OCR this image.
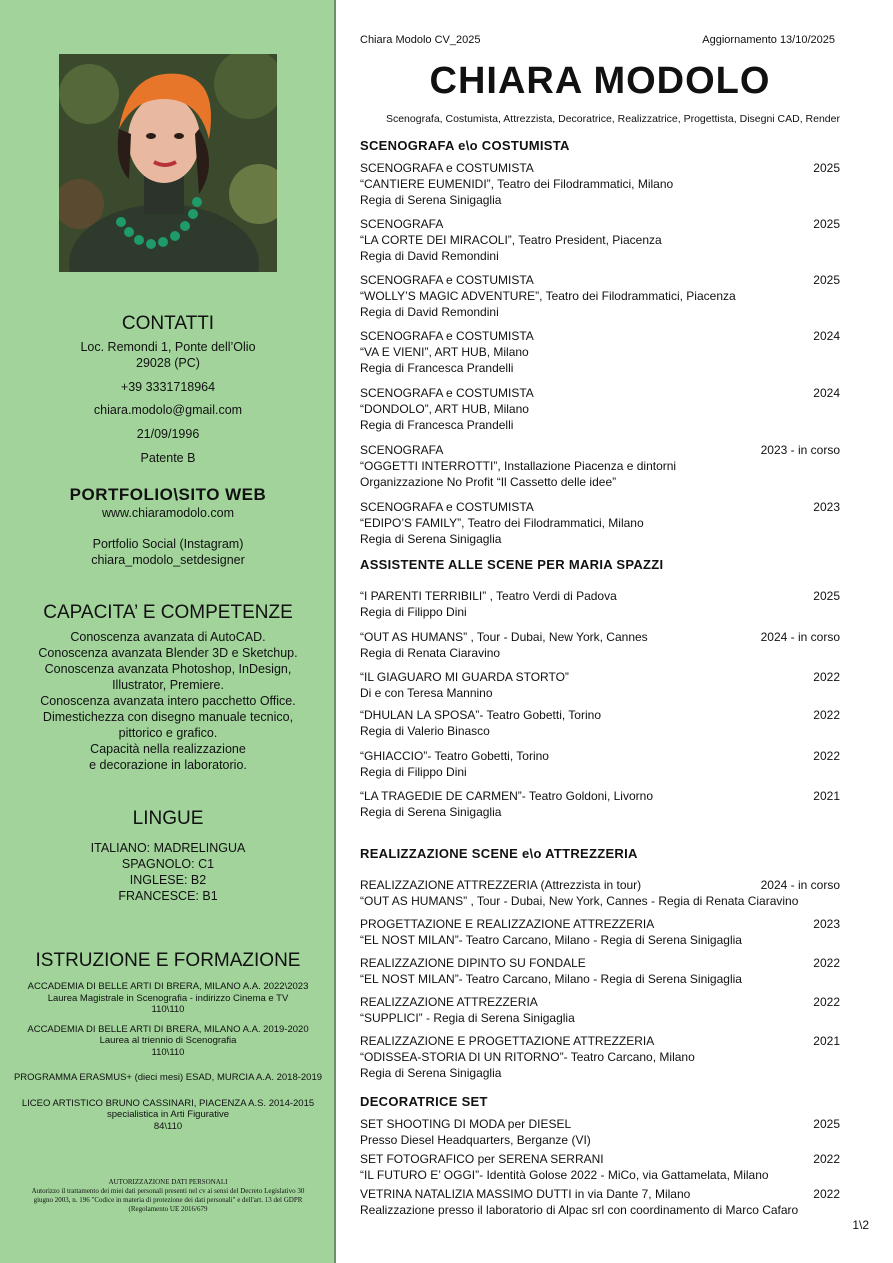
CONTATTI
Loc. Remondi 1, Ponte dell’Olio
29028 (PC)
+39 3331718964
chiara.modolo@gmail.com
21/09/1996
Patente B
PORTFOLIO\SITO WEB
www.chiaramodolo.com
Portfolio Social (Instagram)
chiara_modolo_setdesigner
CAPACITA’ E COMPETENZE
Conoscenza avanzata di AutoCAD.
Conoscenza avanzata Blender 3D e Sketchup.
Conoscenza avanzata Photoshop, InDesign,
Illustrator, Premiere.
Conoscenza avanzata intero pacchetto Office.
Dimestichezza con disegno manuale tecnico,
pittorico e grafico.
Capacità nella realizzazione
e decorazione in laboratorio.
LINGUE
ITALIANO: MADRELINGUA
SPAGNOLO: C1
INGLESE: B2
FRANCESCE: B1
ISTRUZIONE E FORMAZIONE
ACCADEMIA DI BELLE ARTI DI BRERA, MILANO A.A. 2022\2023
Laurea Magistrale in Scenografia - indirizzo Cinema e TV
110\110
ACCADEMIA DI BELLE ARTI DI BRERA, MILANO A.A. 2019-2020
Laurea al triennio di Scenografia
110\110
PROGRAMMA ERASMUS+ (dieci mesi) ESAD, MURCIA A.A. 2018-2019
LICEO ARTISTICO BRUNO CASSINARI, PIACENZA A.S. 2014-2015
specialistica in Arti Figurative
84\110
AUTORIZZAZIONE DATI PERSONALI
Autorizzo il trattamento dei miei dati personali presenti nel cv ai sensi del Decreto Legislativo 30 giugno 2003, n. 196 "Codice in materia di protezione dei dati personali" e dell'art. 13 del GDPR (Regolamento UE 2016/679
Chiara Modolo CV_2025	Aggiornamento 13/10/2025
CHIARA MODOLO
Scenografa, Costumista, Attrezzista, Decoratrice, Realizzatrice, Progettista, Disegni CAD, Render
SCENOGRAFA e\o COSTUMISTA
SCENOGRAFA e COSTUMISTA	2025
“CANTIERE EUMENIDI”, Teatro dei Filodrammatici, Milano
Regia di Serena Sinigaglia
SCENOGRAFA	2025
“LA CORTE DEI MIRACOLI”, Teatro President, Piacenza
Regia di David Remondini
SCENOGRAFA e COSTUMISTA	2025
“WOLLY’S MAGIC ADVENTURE”, Teatro dei Filodrammatici, Piacenza
Regia di David Remondini
SCENOGRAFA e COSTUMISTA	2024
“VA E VIENI”, ART HUB, Milano
Regia di Francesca Prandelli
SCENOGRAFA e COSTUMISTA	2024
“DONDOLO”, ART HUB, Milano
Regia di Francesca Prandelli
SCENOGRAFA	2023 - in corso
“OGGETTI INTERROTTI”, Installazione Piacenza e dintorni
Organizzazione No Profit “Il Cassetto delle idee”
SCENOGRAFA e COSTUMISTA	2023
“EDIPO’S FAMILY”, Teatro dei Filodrammatici, Milano
Regia di Serena Sinigaglia
ASSISTENTE ALLE SCENE PER MARIA SPAZZI
“I PARENTI TERRIBILI” , Teatro Verdi di Padova	2025
Regia di Filippo Dini
“OUT AS HUMANS” , Tour - Dubai, New York, Cannes	2024 - in corso
Regia di Renata Ciaravino
“IL GIAGUARO MI GUARDA STORTO”	2022
Di e con Teresa Mannino
“DHULAN LA SPOSA”- Teatro Gobetti, Torino	2022
Regia di Valerio Binasco
“GHIACCIO”- Teatro Gobetti, Torino	2022
Regia di Filippo Dini
“LA TRAGEDIE DE CARMEN”- Teatro Goldoni, Livorno	2021
Regia di Serena Sinigaglia
REALIZZAZIONE SCENE e\o ATTREZZERIA
REALIZZAZIONE ATTREZZERIA (Attrezzista in tour)	2024 - in corso
“OUT AS HUMANS” , Tour - Dubai, New York, Cannes - Regia di Renata Ciaravino
PROGETTAZIONE E REALIZZAZIONE ATTREZZERIA	2023
“EL NOST MILAN”- Teatro Carcano, Milano - Regia di Serena Sinigaglia
REALIZZAZIONE DIPINTO SU FONDALE	2022
“EL NOST MILAN”- Teatro Carcano, Milano - Regia di Serena Sinigaglia
REALIZZAZIONE ATTREZZERIA	2022
“SUPPLICI” - Regia di Serena Sinigaglia
REALIZZAZIONE E PROGETTAZIONE ATTREZZERIA	2021
“ODISSEA-STORIA DI UN RITORNO”- Teatro Carcano, Milano
Regia di Serena Sinigaglia
DECORATRICE SET
SET SHOOTING DI MODA per DIESEL	2025
Presso Diesel Headquarters, Berganze (VI)
SET FOTOGRAFICO per SERENA SERRANI	2022
“IL FUTURO E’ OGGI”- Identità Golose 2022 - MiCo, via Gattamelata, Milano
VETRINA NATALIZIA MASSIMO DUTTI in via Dante 7, Milano	2022
Realizzazione presso il laboratorio di Alpac srl con coordinamento di Marco Cafaro
1\2
